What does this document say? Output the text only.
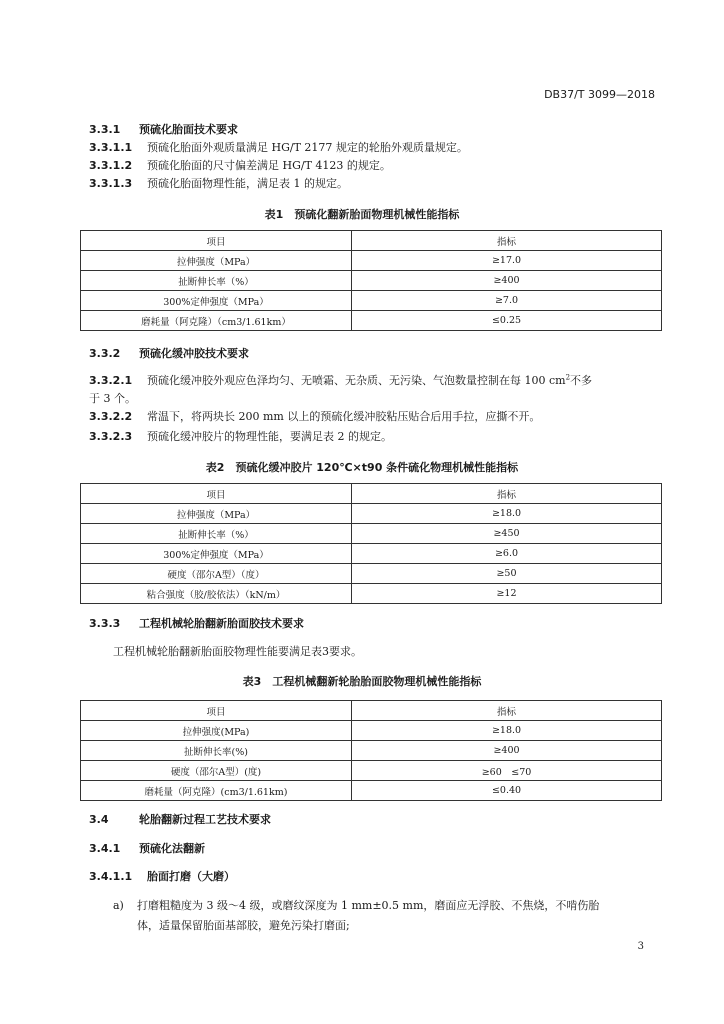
DB37/T 3099—2018
3.3.1 预硫化胎面技术要求
3.3.1.1 预硫化胎面外观质量满足 HG/T 2177 规定的轮胎外观质量规定。
3.3.1.2 预硫化胎面的尺寸偏差满足 HG/T 4123 的规定。
3.3.1.3 预硫化胎面物理性能，满足表 1 的规定。
表1　预硫化翻新胎面物理机械性能指标
项目	指标
拉伸强度（MPa）	≥17.0
扯断伸长率（%）	≥400
300%定伸强度（MPa）	≥7.0
磨耗量（阿克隆）（cm3/1.61km）	≤0.25
3.3.2 预硫化缓冲胶技术要求
3.3.2.1 预硫化缓冲胶外观应色泽均匀、无喷霜、无杂质、无污染、气泡数量控制在每 100 $cm^2$不多
于 3 个。
3.3.2.2 常温下，将两块长 200 mm 以上的预硫化缓冲胶粘压贴合后用手拉，应撕不开。
3.3.2.3 预硫化缓冲胶片的物理性能，要满足表 2 的规定。
表2　预硫化缓冲胶片 120℃×t90 条件硫化物理机械性能指标
项目	指标
拉伸强度（MPa）	≥18.0
扯断伸长率（%）	≥450
300%定伸强度（MPa）	≥6.0
硬度（邵尔A型）（度）	≥50
粘合强度（胶/胶依法）（kN/m）	≥12
3.3.3 工程机械轮胎翻新胎面胶技术要求
工程机械轮胎翻新胎面胶物理性能要满足表3要求。
表3　工程机械翻新轮胎胎面胶物理机械性能指标
项目	指标
拉伸强度(MPa)	≥18.0
扯断伸长率(%)	≥400
硬度（邵尔A型）(度)	≥60　≤70
磨耗量（阿克隆）(cm3/1.61km)	≤0.40
3.4	轮胎翻新过程工艺技术要求
3.4.1 预硫化法翻新
3.4.1.1 胎面打磨（大磨）
a) 打磨粗糙度为 3 级～4 级，或磨纹深度为 1 mm±0.5 mm，磨面应无浮胶、不焦烧，不啃伤胎
体，适量保留胎面基部胶，避免污染打磨面;
3
